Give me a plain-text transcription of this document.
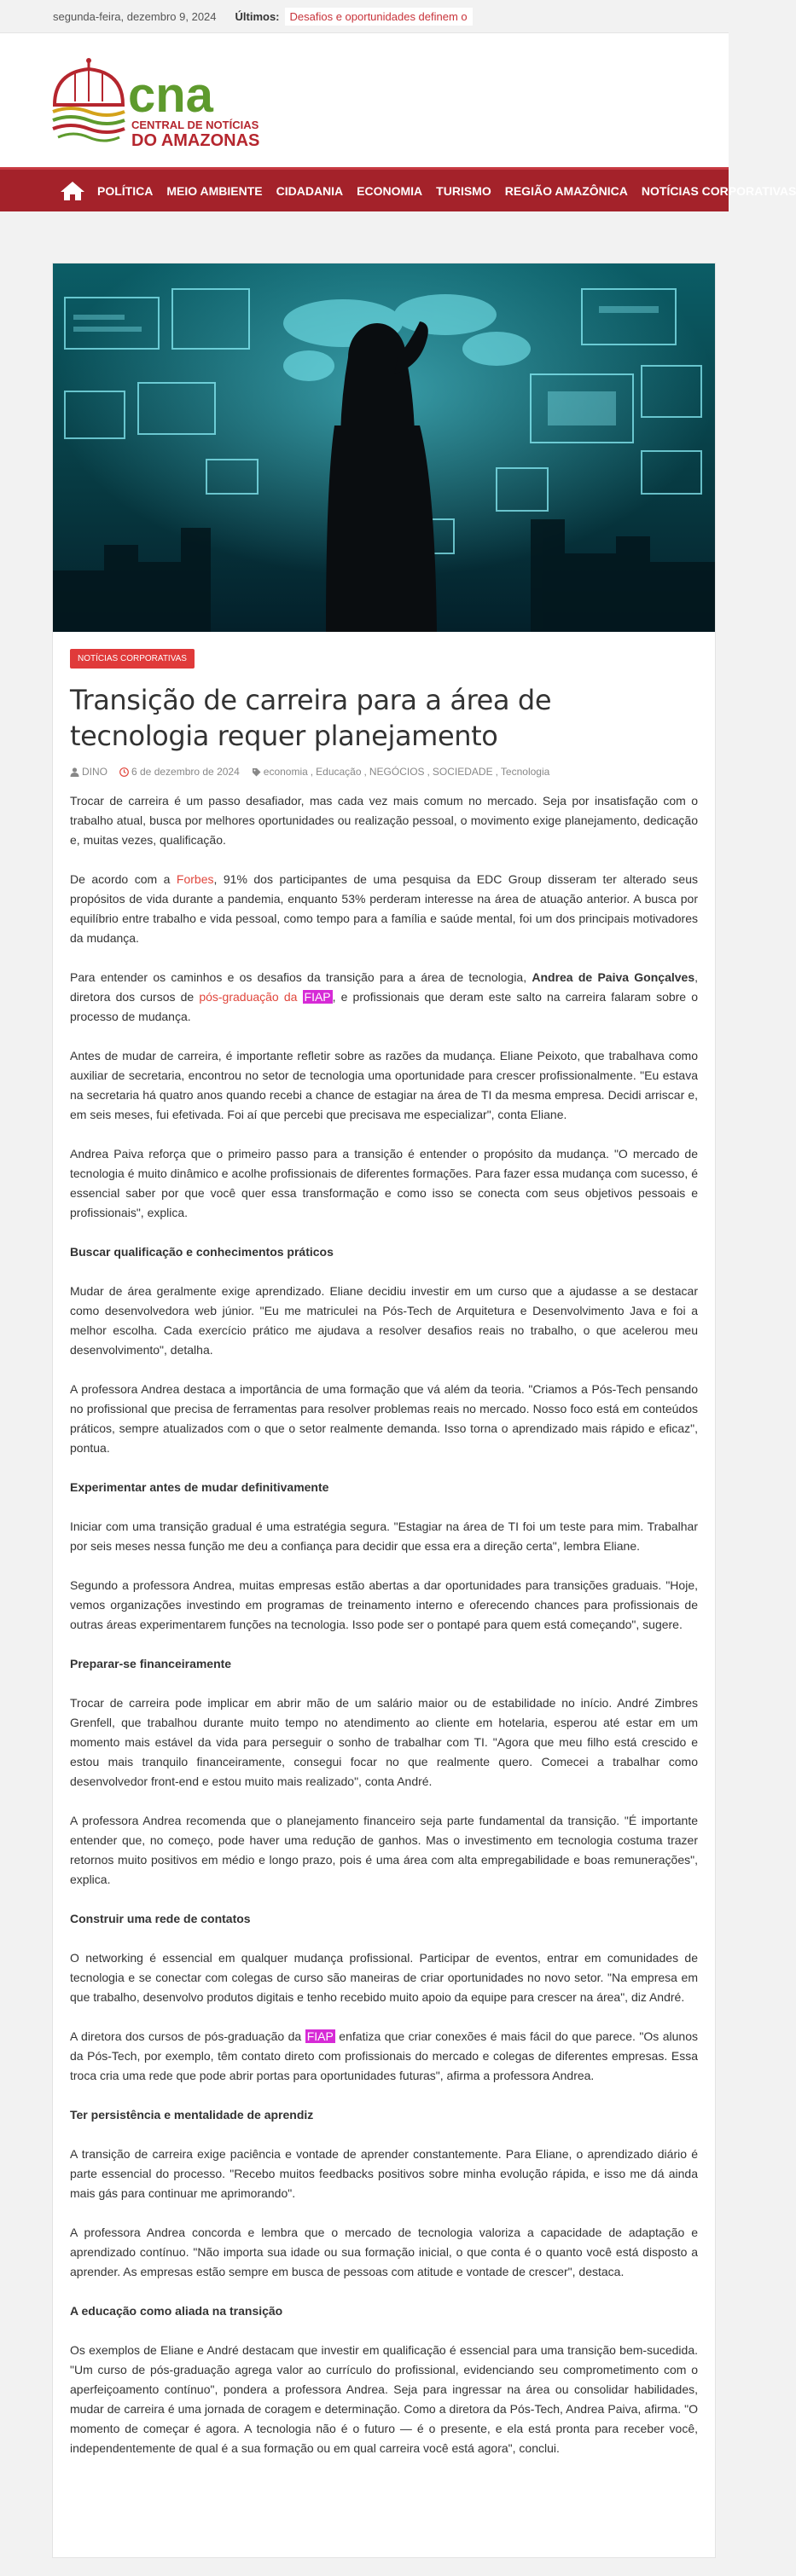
segunda-feira, dezembro 9, 2024 Últimos: Desafios e oportunidades definem o
cna
CENTRAL DE NOTÍCIAS
DO AMAZONAS
POLÍTICA MEIO AMBIENTE CIDADANIA ECONOMIA TURISMO REGIÃO AMAZÔNICA NOTÍCIAS CORPORATIVAS
NOTÍCIAS CORPORATIVAS
Transição de carreira para a área de tecnologia requer planejamento
DINO 6 de dezembro de 2024 economia , Educação , NEGÓCIOS , SOCIEDADE , Tecnologia

Trocar de carreira é um passo desafiador, mas cada vez mais comum no mercado. Seja por insatisfação com o trabalho atual, busca por melhores oportunidades ou realização pessoal, o movimento exige planejamento, dedicação e, muitas vezes, qualificação.

De acordo com a Forbes, 91% dos participantes de uma pesquisa da EDC Group disseram ter alterado seus propósitos de vida durante a pandemia, enquanto 53% perderam interesse na área de atuação anterior. A busca por equilíbrio entre trabalho e vida pessoal, como tempo para a família e saúde mental, foi um dos principais motivadores da mudança.

Para entender os caminhos e os desafios da transição para a área de tecnologia, Andrea de Paiva Gonçalves, diretora dos cursos de pós-graduação da FIAP , e profissionais que deram este salto na carreira falaram sobre o processo de mudança.

Antes de mudar de carreira, é importante refletir sobre as razões da mudança. Eliane Peixoto, que trabalhava como auxiliar de secretaria, encontrou no setor de tecnologia uma oportunidade para crescer profissionalmente. "Eu estava na secretaria há quatro anos quando recebi a chance de estagiar na área de TI da mesma empresa. Decidi arriscar e, em seis meses, fui efetivada. Foi aí que percebi que precisava me especializar", conta Eliane.

Andrea Paiva reforça que o primeiro passo para a transição é entender o propósito da mudança. "O mercado de tecnologia é muito dinâmico e acolhe profissionais de diferentes formações. Para fazer essa mudança com sucesso, é essencial saber por que você quer essa transformação e como isso se conecta com seus objetivos pessoais e profissionais", explica.

Buscar qualificação e conhecimentos práticos

Mudar de área geralmente exige aprendizado. Eliane decidiu investir em um curso que a ajudasse a se destacar como desenvolvedora web júnior. "Eu me matriculei na Pós-Tech de Arquitetura e Desenvolvimento Java e foi a melhor escolha. Cada exercício prático me ajudava a resolver desafios reais no trabalho, o que acelerou meu desenvolvimento", detalha.

A professora Andrea destaca a importância de uma formação que vá além da teoria. "Criamos a Pós-Tech pensando no profissional que precisa de ferramentas para resolver problemas reais no mercado. Nosso foco está em conteúdos práticos, sempre atualizados com o que o setor realmente demanda. Isso torna o aprendizado mais rápido e eficaz", pontua.

Experimentar antes de mudar definitivamente

Iniciar com uma transição gradual é uma estratégia segura. "Estagiar na área de TI foi um teste para mim. Trabalhar por seis meses nessa função me deu a confiança para decidir que essa era a direção certa", lembra Eliane.

Segundo a professora Andrea, muitas empresas estão abertas a dar oportunidades para transições graduais. "Hoje, vemos organizações investindo em programas de treinamento interno e oferecendo chances para profissionais de outras áreas experimentarem funções na tecnologia. Isso pode ser o pontapé para quem está começando", sugere.

Preparar-se financeiramente

Trocar de carreira pode implicar em abrir mão de um salário maior ou de estabilidade no início. André Zimbres Grenfell, que trabalhou durante muito tempo no atendimento ao cliente em hotelaria, esperou até estar em um momento mais estável da vida para perseguir o sonho de trabalhar com TI. "Agora que meu filho está crescido e estou mais tranquilo financeiramente, consegui focar no que realmente quero. Comecei a trabalhar como desenvolvedor front-end e estou muito mais realizado", conta André.

A professora Andrea recomenda que o planejamento financeiro seja parte fundamental da transição. "É importante entender que, no começo, pode haver uma redução de ganhos. Mas o investimento em tecnologia costuma trazer retornos muito positivos em médio e longo prazo, pois é uma área com alta empregabilidade e boas remunerações", explica.

Construir uma rede de contatos

O networking é essencial em qualquer mudança profissional. Participar de eventos, entrar em comunidades de tecnologia e se conectar com colegas de curso são maneiras de criar oportunidades no novo setor. "Na empresa em que trabalho, desenvolvo produtos digitais e tenho recebido muito apoio da equipe para crescer na área", diz André.

A diretora dos cursos de pós-graduação da FIAP enfatiza que criar conexões é mais fácil do que parece. "Os alunos da Pós-Tech, por exemplo, têm contato direto com profissionais do mercado e colegas de diferentes empresas. Essa troca cria uma rede que pode abrir portas para oportunidades futuras", afirma a professora Andrea.

Ter persistência e mentalidade de aprendiz

A transição de carreira exige paciência e vontade de aprender constantemente. Para Eliane, o aprendizado diário é parte essencial do processo. "Recebo muitos feedbacks positivos sobre minha evolução rápida, e isso me dá ainda mais gás para continuar me aprimorando".

A professora Andrea concorda e lembra que o mercado de tecnologia valoriza a capacidade de adaptação e aprendizado contínuo. "Não importa sua idade ou sua formação inicial, o que conta é o quanto você está disposto a aprender. As empresas estão sempre em busca de pessoas com atitude e vontade de crescer", destaca.

A educação como aliada na transição

Os exemplos de Eliane e André destacam que investir em qualificação é essencial para uma transição bem-sucedida. "Um curso de pós-graduação agrega valor ao currículo do profissional, evidenciando seu comprometimento com o aperfeiçoamento contínuo", pondera a professora Andrea. Seja para ingressar na área ou consolidar habilidades, mudar de carreira é uma jornada de coragem e determinação. Como a diretora da Pós-Tech, Andrea Paiva, afirma. "O momento de começar é agora. A tecnologia não é o futuro — é o presente, e ela está pronta para receber você, independentemente de qual é a sua formação ou em qual carreira você está agora", conclui.
